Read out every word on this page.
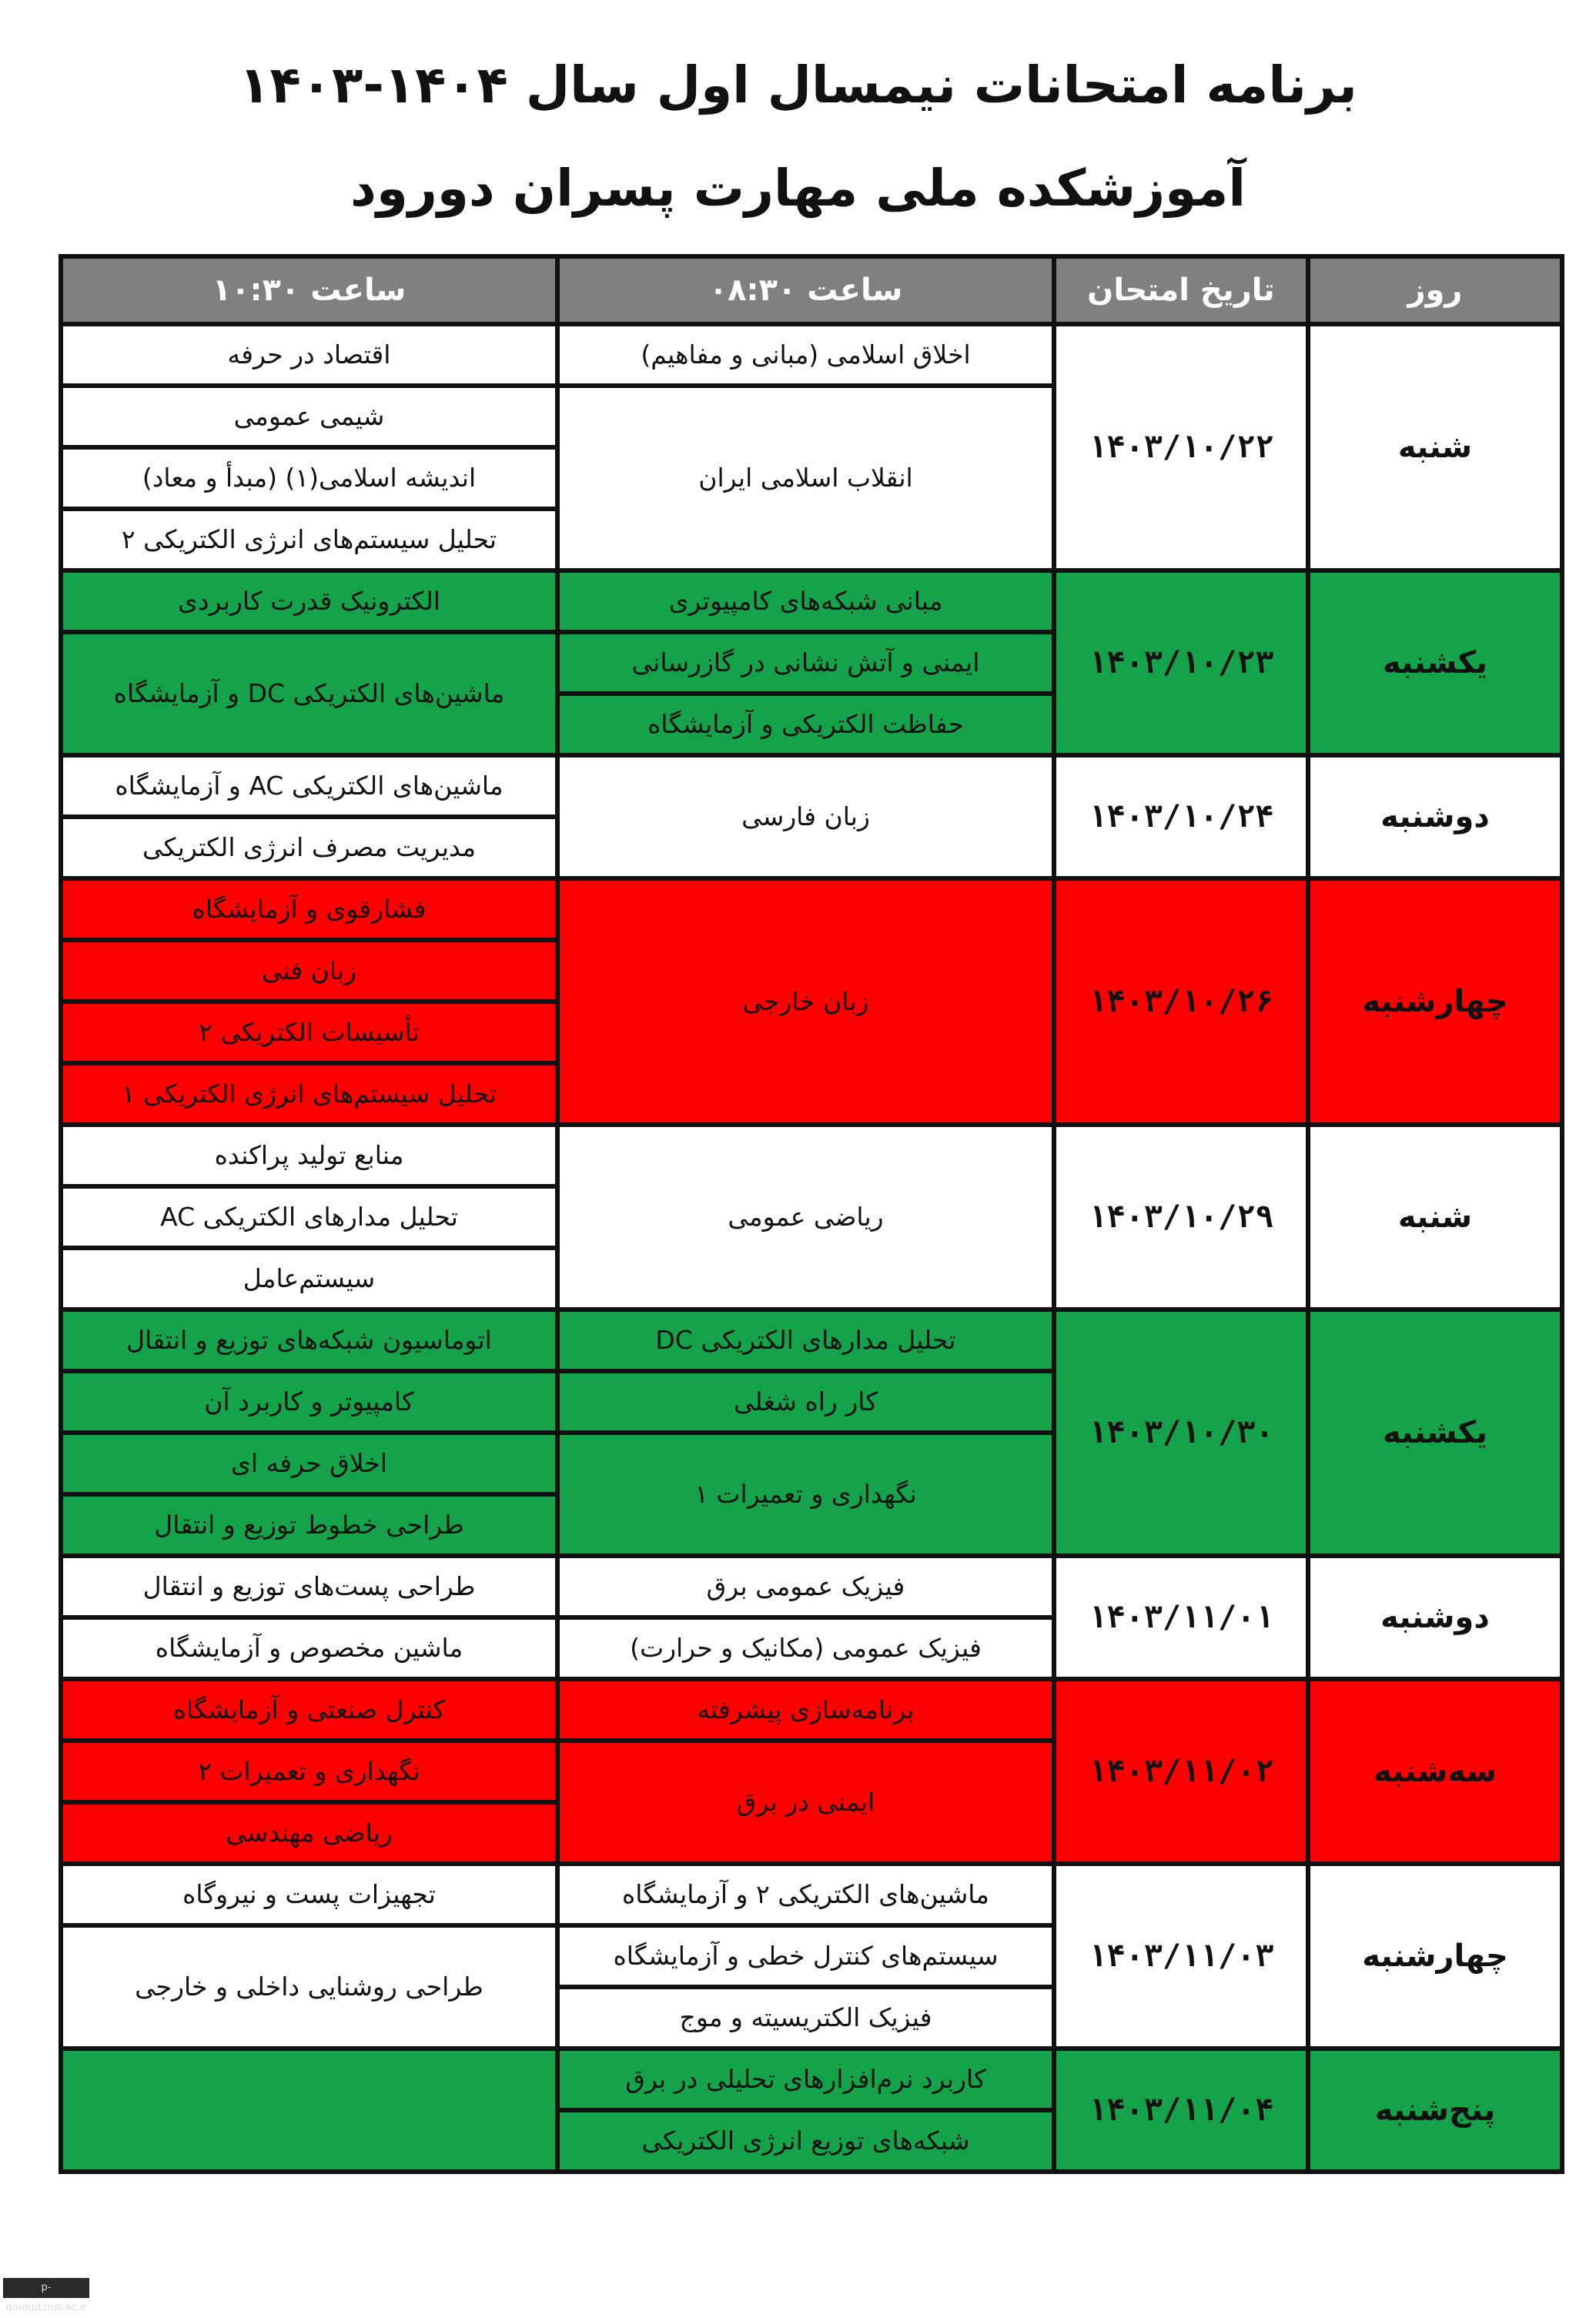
برنامه امتحانات نیمسال اول سال ۱۴۰۴-۱۴۰۳
آموزشکده ملی مهارت پسران دورود
روز	تاریخ امتحان	ساعت ۰۸:۳۰	ساعت ۱۰:۳۰
شنبه	۱۴۰۳/۱۰/۲۲	اخلاق اسلامی (مبانی و مفاهیم)	اقتصاد در حرفه
		انقلاب اسلامی ایران	شیمی عمومی
			اندیشه اسلامی(۱) (مبدأ و معاد)
			تحلیل سیستم‌های انرژی الکتریکی ۲
یکشنبه	۱۴۰۳/۱۰/۲۳	مبانی شبکه‌های کامپیوتری	الکترونیک قدرت کاربردی
		ایمنی و آتش نشانی در گازرسانی	ماشین‌های الکتریکی DC و آزمایشگاه
		حفاظت الکتریکی و آزمایشگاه	
دوشنبه	۱۴۰۳/۱۰/۲۴	زبان فارسی	ماشین‌های الکتریکی AC و آزمایشگاه
			مدیریت مصرف انرژی الکتریکی
چهارشنبه	۱۴۰۳/۱۰/۲۶	زبان خارجی	فشارقوی و آزمایشگاه
			زبان فنی
			تأسیسات الکتریکی ۲
			تحلیل سیستم‌های انرژی الکتریکی ۱
شنبه	۱۴۰۳/۱۰/۲۹	ریاضی عمومی	منابع تولید پراکنده
			تحلیل مدارهای الکتریکی AC
			سیستم‌عامل
یکشنبه	۱۴۰۳/۱۰/۳۰	تحلیل مدارهای الکتریکی DC	اتوماسیون شبکه‌های توزیع و انتقال
		کار راه شغلی	کامپیوتر و کاربرد آن
		نگهداری و تعمیرات ۱	اخلاق حرفه ای
			طراحی خطوط توزیع و انتقال
دوشنبه	۱۴۰۳/۱۱/۰۱	فیزیک عمومی برق	طراحی پست‌های توزیع و انتقال
		فیزیک عمومی (مکانیک و حرارت)	ماشین مخصوص و آزمایشگاه
سه‌شنبه	۱۴۰۳/۱۱/۰۲	برنامه‌سازی پیشرفته	کنترل صنعتی و آزمایشگاه
		ایمنی در برق	نگهداری و تعمیرات ۲
			ریاضی مهندسی
چهارشنبه	۱۴۰۳/۱۱/۰۳	ماشین‌های الکتریکی ۲ و آزمایشگاه	تجهیزات پست و نیروگاه
		سیستم‌های کنترل خطی و آزمایشگاه	طراحی روشنایی داخلی و خارجی
		فیزیک الکتریسیته و موج	
پنج‌شنبه	۱۴۰۳/۱۱/۰۴	کاربرد نرم‌افزارهای تحلیلی در برق	
		شبکه‌های توزیع انرژی الکتریکی	
p-doroud.nus.ac.ir
